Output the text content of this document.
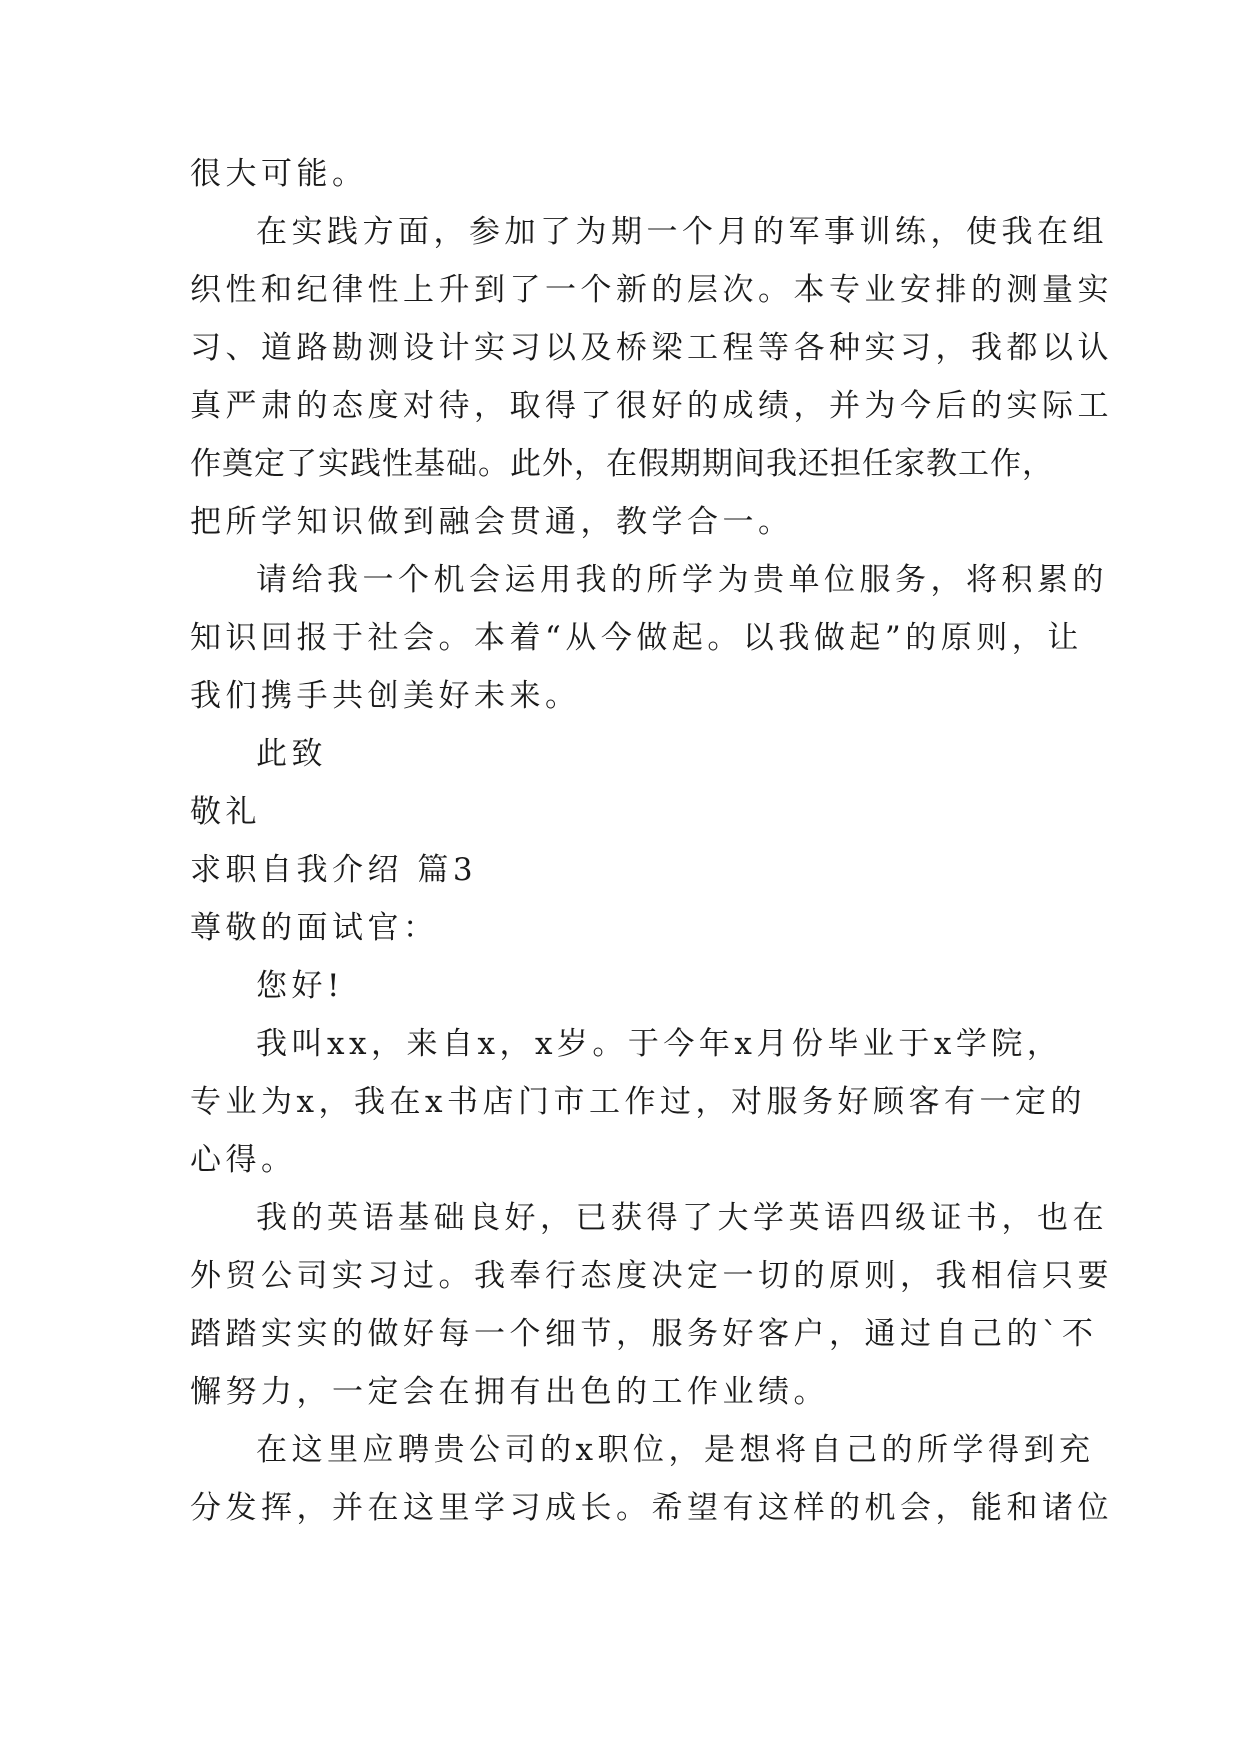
很大可能。
在实践方面，参加了为期一个月的军事训练，使我在组
织性和纪律性上升到了一个新的层次。本专业安排的测量实
习、道路勘测设计实习以及桥梁工程等各种实习，我都以认
真严肃的态度对待，取得了很好的成绩，并为今后的实际工
作奠定了实践性基础。此外，在假期期间我还担任家教工作，
把所学知识做到融会贯通，教学合一。
请给我一个机会运用我的所学为贵单位服务，将积累的
知识回报于社会。本着“从今做起。以我做起”的原则，让
我们携手共创美好未来。
此致
敬礼
求职自我介绍 篇3
尊敬的面试官：
您好!
我叫xx，来自x，x岁。于今年x月份毕业于x学院，
专业为x，我在x书店门市工作过，对服务好顾客有一定的
心得。
我的英语基础良好，已获得了大学英语四级证书，也在
外贸公司实习过。我奉行态度决定一切的原则，我相信只要
踏踏实实的做好每一个细节，服务好客户，通过自己的`不
懈努力，一定会在拥有出色的工作业绩。
在这里应聘贵公司的x职位，是想将自己的所学得到充
分发挥，并在这里学习成长。希望有这样的机会，能和诸位
